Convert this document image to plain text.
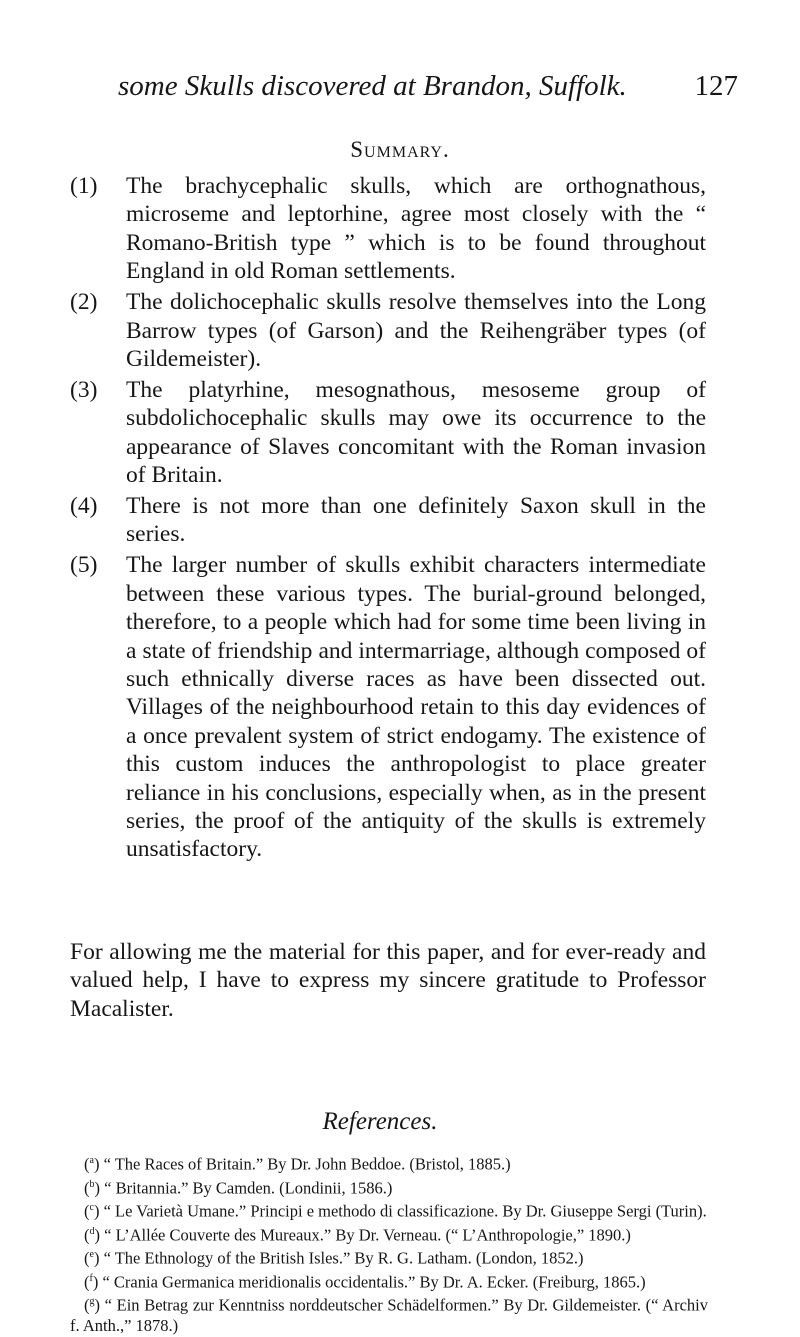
some Skulls discovered at Brandon, Suffolk. 127
Summary.
(1) The brachycephalic skulls, which are orthognathous, microseme and leptorhine, agree most closely with the “ Romano-British type ” which is to be found throughout England in old Roman settlements.
(2) The dolichocephalic skulls resolve themselves into the Long Barrow types (of Garson) and the Reihengräber types (of Gildemeister).
(3) The platyrhine, mesognathous, mesoseme group of subdolichocephalic skulls may owe its occurrence to the appearance of Slaves concomitant with the Roman invasion of Britain.
(4) There is not more than one definitely Saxon skull in the series.
(5) The larger number of skulls exhibit characters intermediate between these various types. The burial-ground belonged, therefore, to a people which had for some time been living in a state of friendship and intermarriage, although composed of such ethnically diverse races as have been dissected out. Villages of the neighbourhood retain to this day evidences of a once prevalent system of strict endogamy. The existence of this custom induces the anthropologist to place greater reliance in his conclusions, especially when, as in the present series, the proof of the antiquity of the skulls is extremely unsatisfactory.
For allowing me the material for this paper, and for ever-ready and valued help, I have to express my sincere gratitude to Professor Macalister.
References.

($^a$) “ The Races of Britain.” By Dr. John Beddoe. (Bristol, 1885.)

($^b$) “ Britannia.” By Camden. (Londinii, 1586.)

($^c$) “ Le Varietà Umane.” Principi e methodo di classificazione. By Dr. Giuseppe Sergi (Turin).

($^d$) “ L’Allée Couverte des Mureaux.” By Dr. Verneau. (“ L’Anthropologie,” 1890.)

($^e$) “ The Ethnology of the British Isles.” By R. G. Latham. (London, 1852.)

($^f$) “ Crania Germanica meridionalis occidentalis.” By Dr. A. Ecker. (Freiburg, 1865.)

($^g$) “ Ein Betrag zur Kenntniss norddeutscher Schädelformen.” By Dr. Gildemeister. (“ Archiv f. Anth.,” 1878.)
